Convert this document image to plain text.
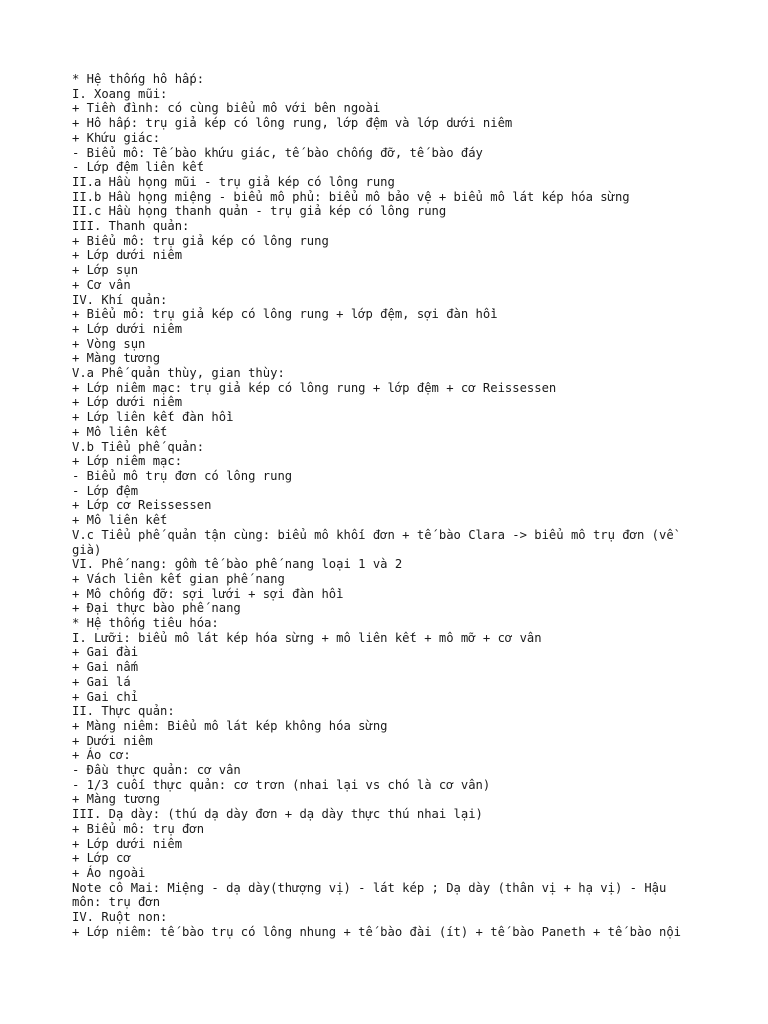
* Hệ thống hô hấp:

I. Xoang mũi:

+ Tiền đình: có cùng biểu mô với bên ngoài

+ Hô hấp: trụ giả kép có lông rung, lớp đệm và lớp dưới niêm

+ Khứu giác:

- Biểu mô: Tế bào khứu giác, tế bào chống đỡ, tế bào đáy

- Lớp đệm liên kết

II.a Hầu họng mũi - trụ giả kép có lông rung

II.b Hầu họng miệng - biểu mô phủ: biểu mô bảo vệ + biểu mô lát kép hóa sừng

II.c Hầu họng thanh quản - trụ giả kép có lông rung

III. Thanh quản:

+ Biểu mô: trụ giả kép có lông rung

+ Lớp dưới niêm

+ Lớp sụn

+ Cơ vân

IV. Khí quản:

+ Biểu mô: trụ giả kép có lông rung + lớp đệm, sợi đàn hồi

+ Lớp dưới niêm

+ Vòng sụn

+ Màng tương

V.a Phế quản thùy, gian thùy:

+ Lớp niêm mạc: trụ giả kép có lông rung + lớp đệm + cơ Reissessen

+ Lớp dưới niêm

+ Lớp liên kết đàn hồi

+ Mô liên kết

V.b Tiểu phế quản:

+ Lớp niêm mạc:

- Biểu mô trụ đơn có lông rung

- Lớp đệm

+ Lớp cơ Reissessen

+ Mô liên kết

V.c Tiểu phế quản tận cùng: biểu mô khối đơn + tế bào Clara -> biểu mô trụ đơn (về già)

VI. Phế nang: gồm tế bào phế nang loại 1 và 2

+ Vách liên kết gian phế nang

+ Mô chống đỡ: sợi lưới + sợi đàn hồi

+ Đại thực bào phế nang

* Hệ thống tiêu hóa:

I. Lưỡi: biểu mô lát kép hóa sừng + mô liên kết + mô mỡ + cơ vân

+ Gai đài

+ Gai nấm

+ Gai lá

+ Gai chỉ

II. Thực quản:

+ Màng niêm: Biểu mô lát kép không hóa sừng

+ Dưới niêm

+ Áo cơ:

- Đầu thực quản: cơ vân

- 1/3 cuối thực quản: cơ trơn (nhai lại vs chó là cơ vân)

+ Màng tương

III. Dạ dày: (thú dạ dày đơn + dạ dày thực thú nhai lại)

+ Biểu mô: trụ đơn

+ Lớp dưới niêm

+ Lớp cơ

+ Áo ngoài

Note cô Mai: Miệng - dạ dày(thượng vị) - lát kép ; Dạ dày (thân vị + hạ vị) - Hậu môn: trụ đơn

IV. Ruột non:

+ Lớp niêm: tế bào trụ có lông nhung + tế bào đài (ít) + tế bào Paneth + tế bào nội
